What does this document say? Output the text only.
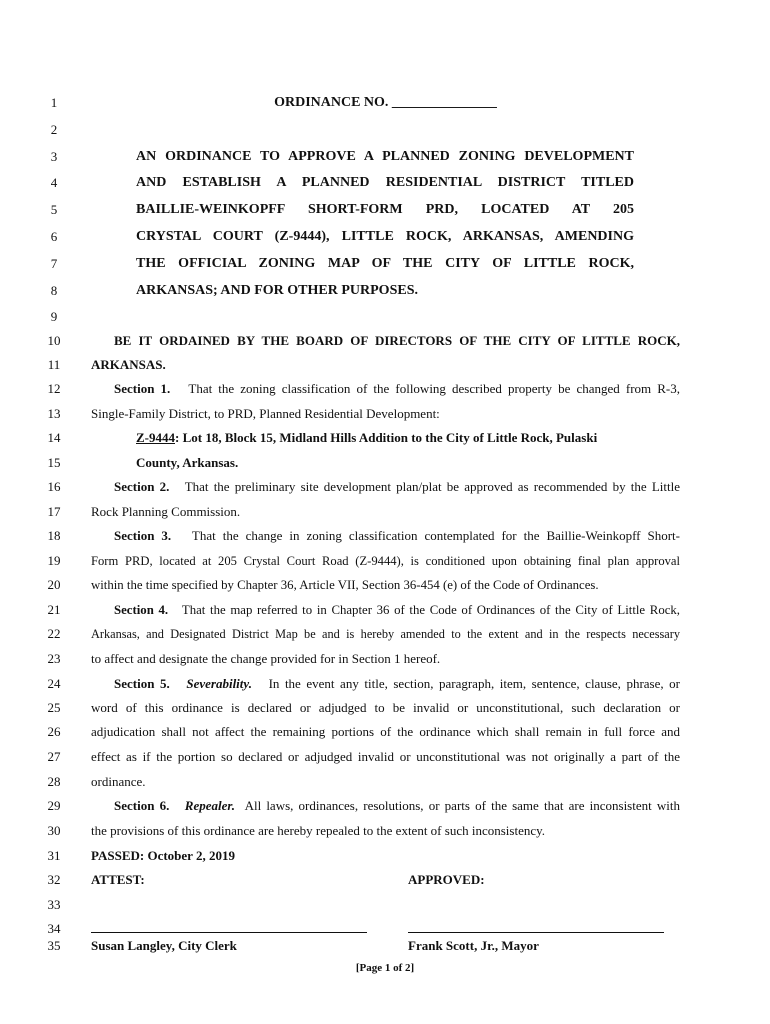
1
2
3
4
5
6
7
8
9
10
11
12
13
14
15
16
17
18
19
20
21
22
23
24
25
26
27
28
29
30
31
32
33
34
35
ORDINANCE NO. _______________
AN ORDINANCE TO APPROVE A PLANNED ZONING DEVELOPMENT
AND ESTABLISH A PLANNED RESIDENTIAL DISTRICT TITLED
BAILLIE-WEINKOPFF SHORT-FORM PRD, LOCATED AT 205
CRYSTAL COURT (Z-9444), LITTLE ROCK, ARKANSAS, AMENDING
THE OFFICIAL ZONING MAP OF THE CITY OF LITTLE ROCK,
ARKANSAS; AND FOR OTHER PURPOSES.
BE IT ORDAINED BY THE BOARD OF DIRECTORS OF THE CITY OF LITTLE ROCK,
ARKANSAS.
Section 1. That the zoning classification of the following described property be changed from R-3,
Single-Family District, to PRD, Planned Residential Development:
Z-9444: Lot 18, Block 15, Midland Hills Addition to the City of Little Rock, Pulaski
County, Arkansas.
Section 2. That the preliminary site development plan/plat be approved as recommended by the Little
Rock Planning Commission.
Section 3. That the change in zoning classification contemplated for the Baillie-Weinkopff Short-
Form PRD, located at 205 Crystal Court Road (Z-9444), is conditioned upon obtaining final plan approval
within the time specified by Chapter 36, Article VII, Section 36-454 (e) of the Code of Ordinances.
Section 4. That the map referred to in Chapter 36 of the Code of Ordinances of the City of Little Rock,
Arkansas, and Designated District Map be and is hereby amended to the extent and in the respects necessary
to affect and designate the change provided for in Section 1 hereof.
Section 5. Severability. In the event any title, section, paragraph, item, sentence, clause, phrase, or
word of this ordinance is declared or adjudged to be invalid or unconstitutional, such declaration or
adjudication shall not affect the remaining portions of the ordinance which shall remain in full force and
effect as if the portion so declared or adjudged invalid or unconstitutional was not originally a part of the
ordinance.
Section 6. Repealer. All laws, ordinances, resolutions, or parts of the same that are inconsistent with
the provisions of this ordinance are hereby repealed to the extent of such inconsistency.
PASSED: October 2, 2019
ATTEST:	APPROVED:
Susan Langley, City Clerk	Frank Scott, Jr., Mayor
[Page 1 of 2]
